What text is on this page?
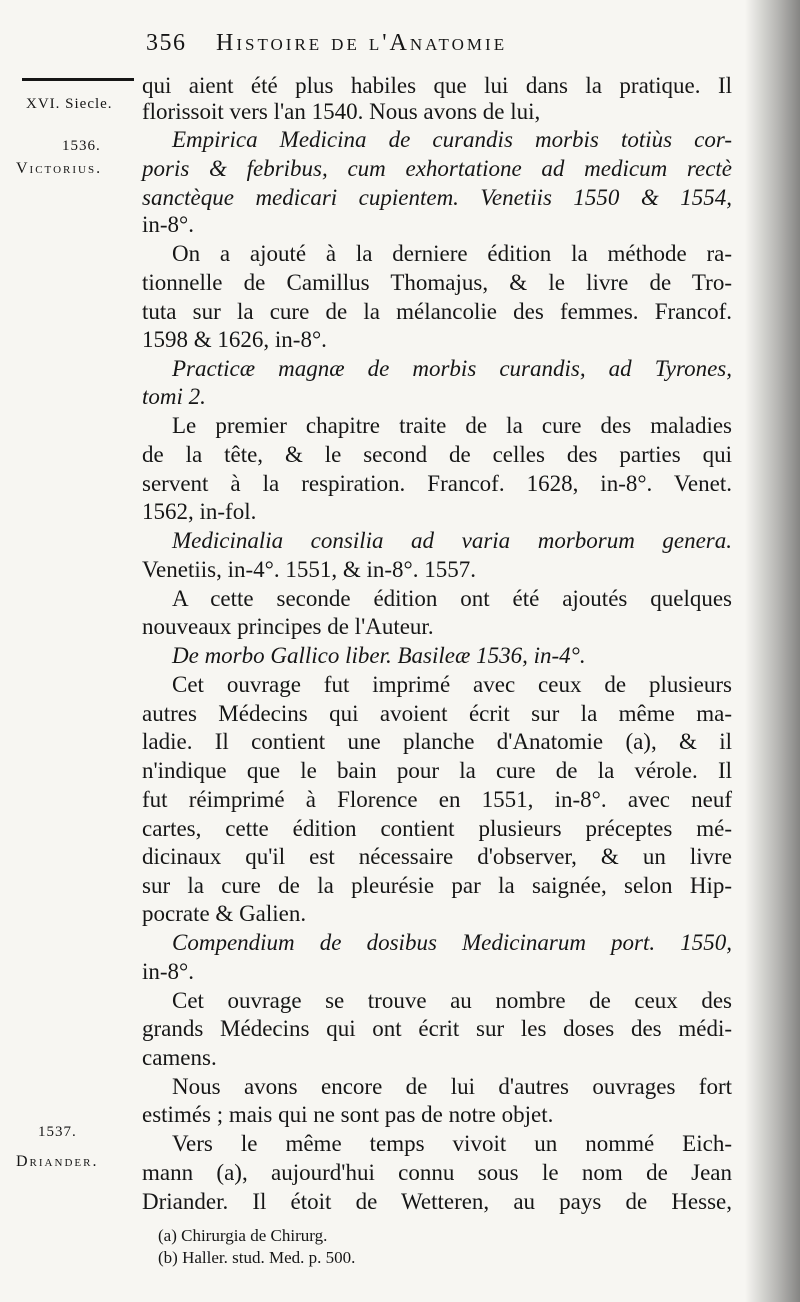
356 Histoire de l'Anatomie
XVI. Siecle.
1536.
Victorius.
1537.
Driander.
qui aient été plus habiles que lui dans la pratique. Il
florissoit vers l'an 1540. Nous avons de lui,
Empirica Medicina de curandis morbis totiùs cor-
poris & febribus, cum exhortatione ad medicum rectè
sanctèque medicari cupientem. Venetiis 1550 & 1554,
in-8°.
On a ajouté à la derniere édition la méthode ra-
tionnelle de Camillus Thomajus, & le livre de Tro-
tuta sur la cure de la mélancolie des femmes. Francof.
1598 & 1626, in-8°.
Practicæ magnæ de morbis curandis, ad Tyrones,
tomi 2.
Le premier chapitre traite de la cure des maladies
de la tête, & le second de celles des parties qui
servent à la respiration. Francof. 1628, in-8°. Venet.
1562, in-fol.
Medicinalia consilia ad varia morborum genera.
Venetiis, in-4°. 1551, & in-8°. 1557.
A cette seconde édition ont été ajoutés quelques
nouveaux principes de l'Auteur.
De morbo Gallico liber. Basileæ 1536, in-4°.
Cet ouvrage fut imprimé avec ceux de plusieurs
autres Médecins qui avoient écrit sur la même ma-
ladie. Il contient une planche d'Anatomie (a), & il
n'indique que le bain pour la cure de la vérole. Il
fut réimprimé à Florence en 1551, in-8°. avec neuf
cartes, cette édition contient plusieurs préceptes mé-
dicinaux qu'il est nécessaire d'observer, & un livre
sur la cure de la pleurésie par la saignée, selon Hip-
pocrate & Galien.
Compendium de dosibus Medicinarum port. 1550,
in-8°.
Cet ouvrage se trouve au nombre de ceux des
grands Médecins qui ont écrit sur les doses des médi-
camens.
Nous avons encore de lui d'autres ouvrages fort
estimés ; mais qui ne sont pas de notre objet.
Vers le même temps vivoit un nommé Eich-
mann (a), aujourd'hui connu sous le nom de Jean
Driander. Il étoit de Wetteren, au pays de Hesse,
(a) Chirurgia de Chirurg.
(b) Haller. stud. Med. p. 500.
